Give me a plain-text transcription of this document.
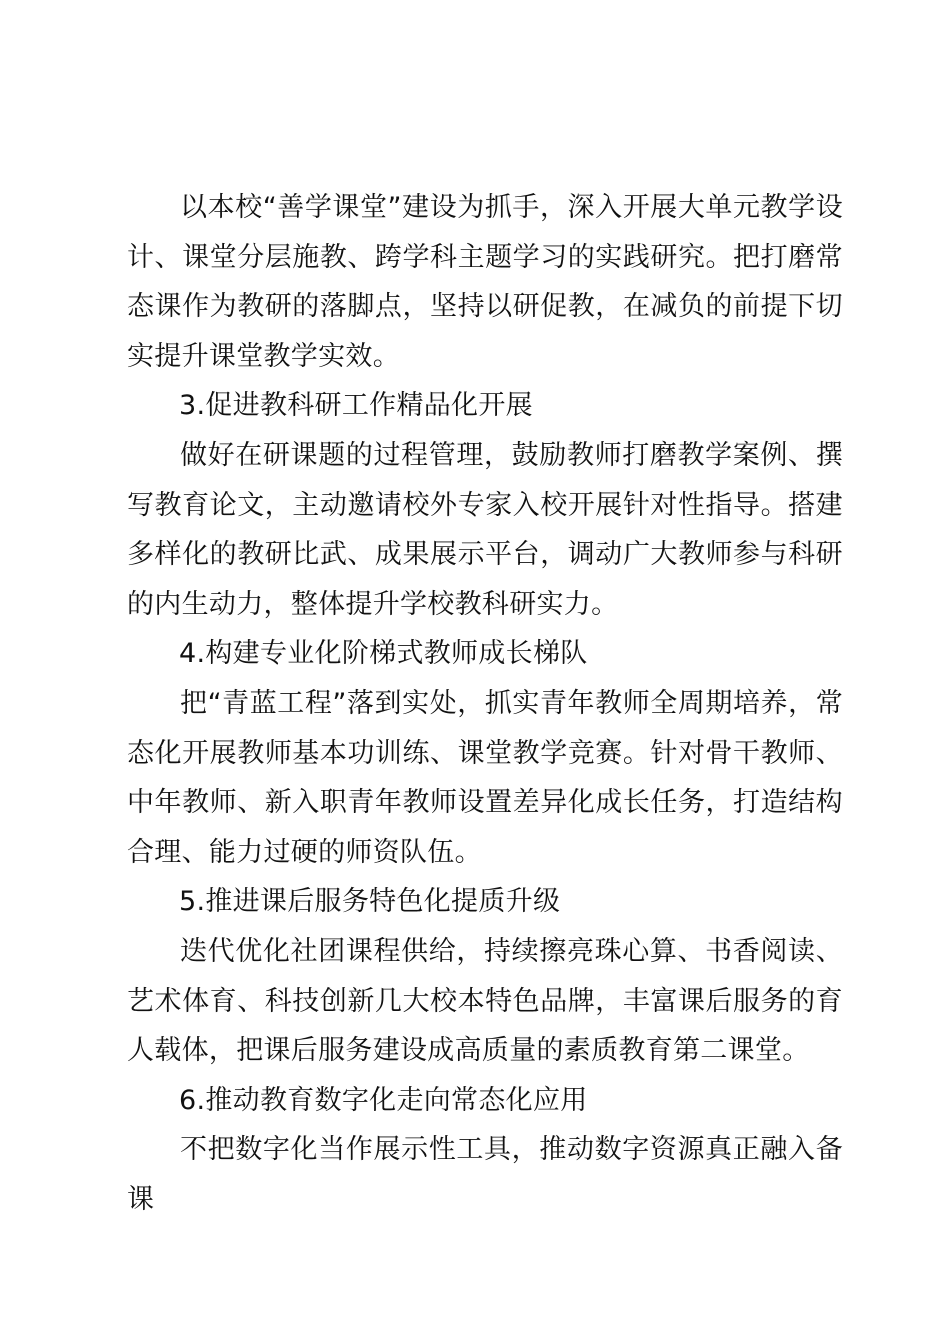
以本校“善学课堂”建设为抓手，深入开展大单元教学设计、课堂分层施教、跨学科主题学习的实践研究。把打磨常态课作为教研的落脚点，坚持以研促教，在减负的前提下切实提升课堂教学实效。

3.促进教科研工作精品化开展

做好在研课题的过程管理，鼓励教师打磨教学案例、撰写教育论文，主动邀请校外专家入校开展针对性指导。搭建多样化的教研比武、成果展示平台，调动广大教师参与科研的内生动力，整体提升学校教科研实力。

4.构建专业化阶梯式教师成长梯队

把“青蓝工程”落到实处，抓实青年教师全周期培养，常态化开展教师基本功训练、课堂教学竞赛。针对骨干教师、中年教师、新入职青年教师设置差异化成长任务，打造结构合理、能力过硬的师资队伍。

5.推进课后服务特色化提质升级

迭代优化社团课程供给，持续擦亮珠心算、书香阅读、艺术体育、科技创新几大校本特色品牌，丰富课后服务的育人载体，把课后服务建设成高质量的素质教育第二课堂。

6.推动教育数字化走向常态化应用

不把数字化当作展示性工具，推动数字资源真正融入备课
